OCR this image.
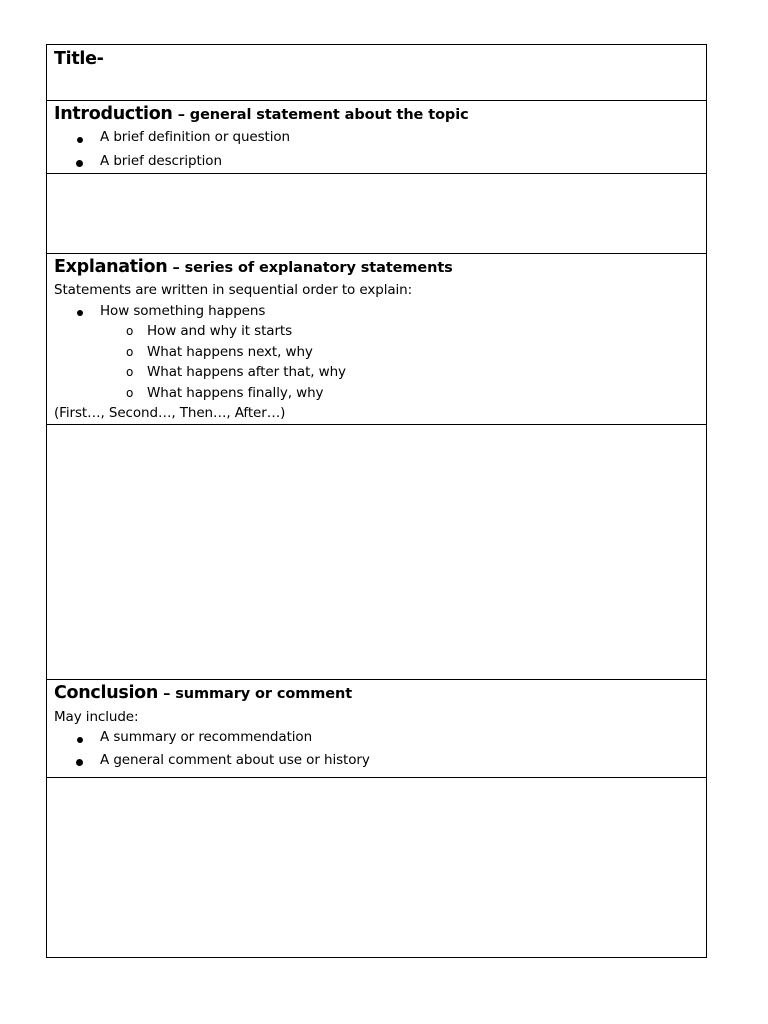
Title-
Introduction – general statement about the topic
A brief definition or question
A brief description
Explanation – series of explanatory statements
Statements are written in sequential order to explain:
How something happens
o How and why it starts
o What happens next, why
o What happens after that, why
o What happens finally, why
(First…, Second…, Then…, After…)
Conclusion – summary or comment
May include:
A summary or recommendation
A general comment about use or history
